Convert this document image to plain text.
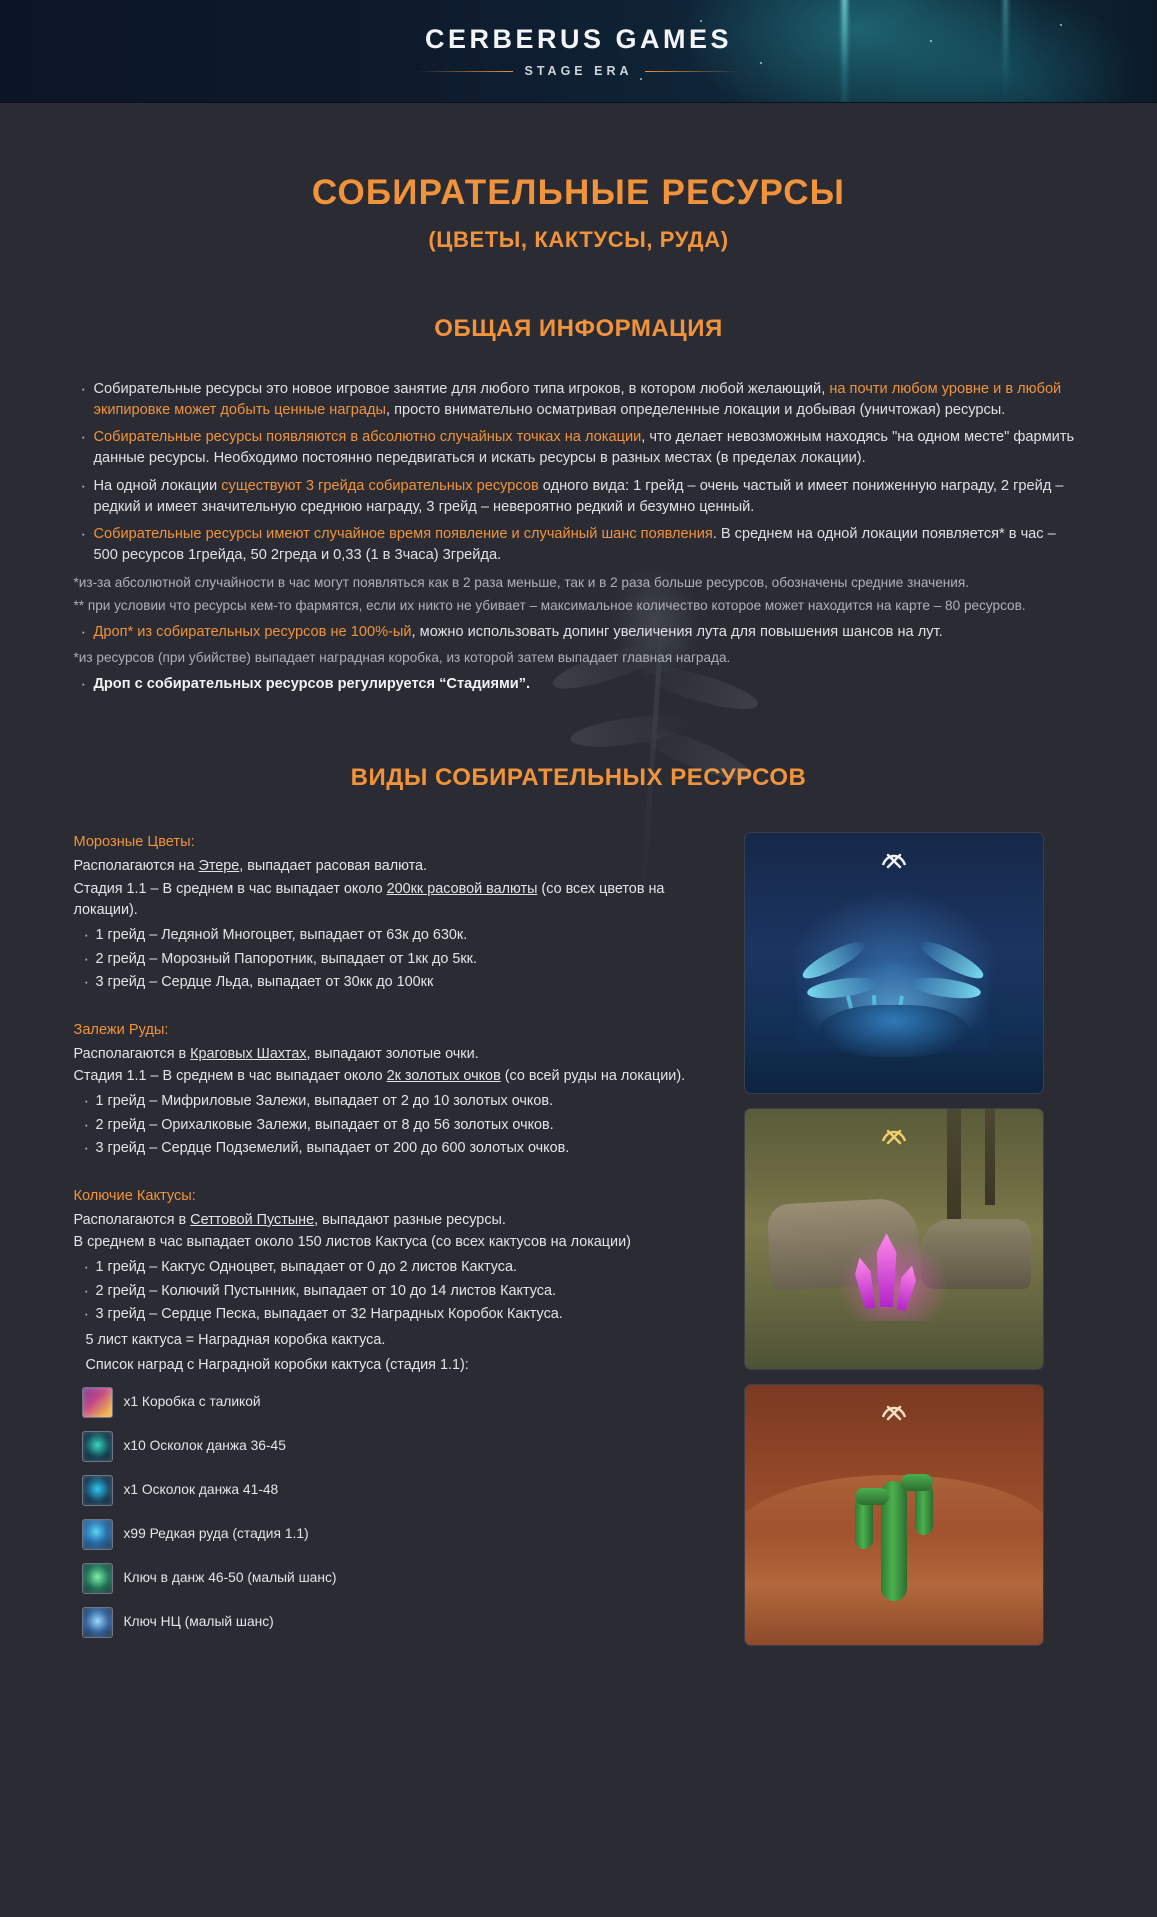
CERBERUS GAMES
STAGE ERA
СОБИРАТЕЛЬНЫЕ РЕСУРСЫ
(ЦВЕТЫ, КАКТУСЫ, РУДА)
ОБЩАЯ ИНФОРМАЦИЯ
· Собирательные ресурсы это новое игровое занятие для любого типа игроков, в котором любой желающий, на почти любом уровне и в любой экипировке может добыть ценные награды, просто внимательно осматривая определенные локации и добывая (уничтожая) ресурсы.
· Собирательные ресурсы появляются в абсолютно случайных точках на локации, что делает невозможным находясь "на одном месте" фармить данные ресурсы. Необходимо постоянно передвигаться и искать ресурсы в разных местах (в пределах локации).
· На одной локации существуют 3 грейда собирательных ресурсов одного вида: 1 грейд – очень частый и имеет пониженную награду, 2 грейд – редкий и имеет значительную среднюю награду, 3 грейд – невероятно редкий и безумно ценный.
· Собирательные ресурсы имеют случайное время появление и случайный шанс появления. В среднем на одной локации появляется* в час – 500 ресурсов 1грейда, 50 2греда и 0,33 (1 в 3часа) 3грейда.

*из-за абсолютной случайности в час могут появляться как в 2 раза меньше, так и в 2 раза больше ресурсов, обозначены средние значения.

** при условии что ресурсы кем-то фармятся, если их никто не убивает – максимальное количество которое может находится на карте – 80 ресурсов.

· Дроп* из собирательных ресурсов не 100%-ый, можно использовать допинг увеличения лута для повышения шансов на лут.

*из ресурсов (при убийстве) выпадает наградная коробка, из которой затем выпадает главная награда.

· Дроп с собирательных ресурсов регулируется “Стадиями”.
ВИДЫ СОБИРАТЕЛЬНЫХ РЕСУРСОВ
Морозные Цветы:

Располагаются на Этере, выпадает расовая валюта.

Стадия 1.1 – В среднем в час выпадает около 200кк расовой валюты (со всех цветов на локации).

· 1 грейд – Ледяной Многоцвет, выпадает от 63к до 630к.
· 2 грейд – Морозный Папоротник, выпадает от 1кк до 5кк.
· 3 грейд – Сердце Льда, выпадает от 30кк до 100кк
Залежи Руды:

Располагаются в Краговых Шахтах, выпадают золотые очки.

Стадия 1.1 – В среднем в час выпадает около 2к золотых очков (со всей руды на локации).

· 1 грейд – Мифриловые Залежи, выпадает от 2 до 10 золотых очков.
· 2 грейд – Орихалковые Залежи, выпадает от 8 до 56 золотых очков.
· 3 грейд – Сердце Подземелий, выпадает от 200 до 600 золотых очков.
Колючие Кактусы:

Располагаются в Сеттовой Пустыне, выпадают разные ресурсы.

В среднем в час выпадает около 150 листов Кактуса (со всех кактусов на локации)

· 1 грейд – Кактус Одноцвет, выпадает от 0 до 2 листов Кактуса.
· 2 грейд – Колючий Пустынник, выпадает от 10 до 14 листов Кактуса.
· 3 грейд – Сердце Песка, выпадает от 32 Наградных Коробок Кактуса.

5 лист кактуса = Наградная коробка кактуса.

Список наград с Наградной коробки кактуса (стадия 1.1):

х1 Коробка с таликой
х10 Осколок данжа 36-45
х1 Осколок данжа 41-48
х99 Редкая руда (стадия 1.1)
Ключ в данж 46-50 (малый шанс)
Ключ НЦ (малый шанс)
